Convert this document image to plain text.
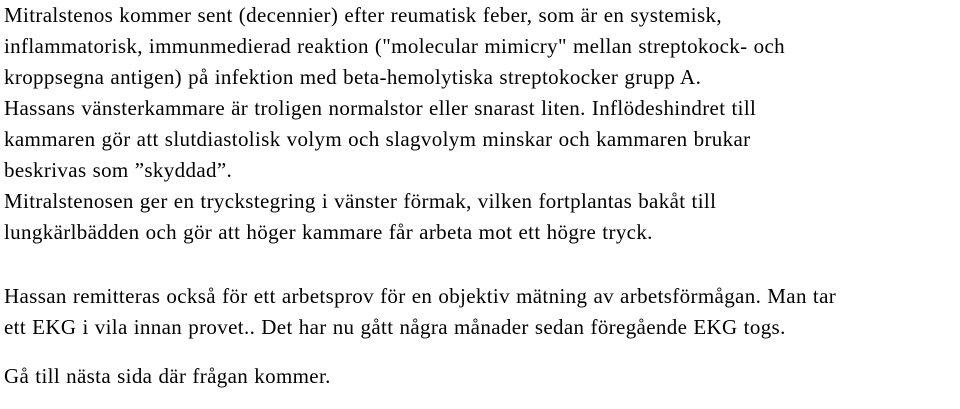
Mitralstenos kommer sent (decennier) efter reumatisk feber, som är en systemisk,
inflammatorisk, immunmedierad reaktion ("molecular mimicry" mellan streptokock- och
kroppsegna antigen) på infektion med beta-hemolytiska streptokocker grupp A.
Hassans vänsterkammare är troligen normalstor eller snarast liten. Inflödeshindret till
kammaren gör att slutdiastolisk volym och slagvolym minskar och kammaren brukar
beskrivas som ”skyddad”.
Mitralstenosen ger en tryckstegring i vänster förmak, vilken fortplantas bakåt till
lungkärlbädden och gör att höger kammare får arbeta mot ett högre tryck.
Hassan remitteras också för ett arbetsprov för en objektiv mätning av arbetsförmågan. Man tar
ett EKG i vila innan provet.. Det har nu gått några månader sedan föregående EKG togs.
Gå till nästa sida där frågan kommer.
